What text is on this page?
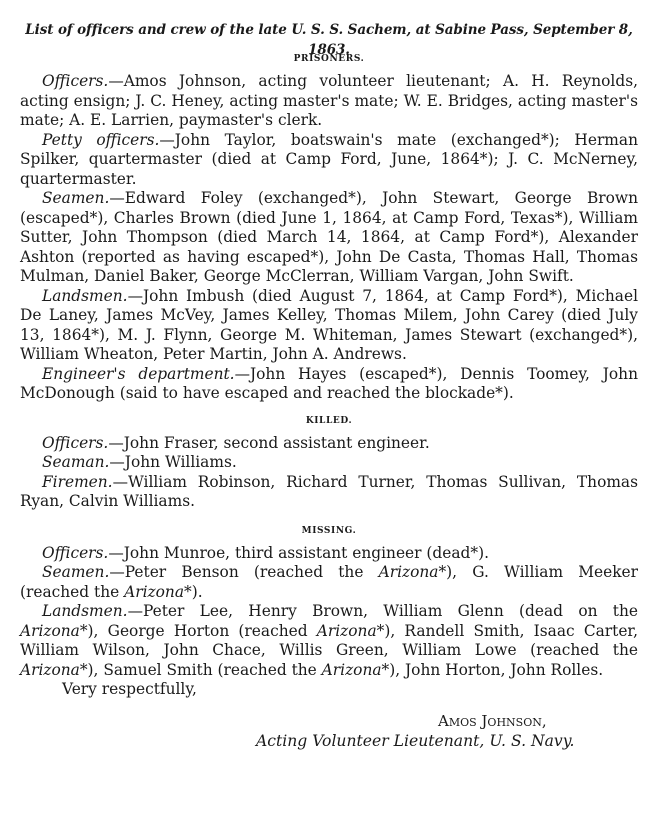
List of officers and crew of the late U. S. S. Sachem, at Sabine Pass, September 8, 1863.
PRISONERS.

Officers.—Amos Johnson, acting volunteer lieutenant; A. H. Reynolds, acting ensign; J. C. Heney, acting master's mate; W. E. Bridges, acting master's mate; A. E. Larrien, paymaster's clerk.

Petty officers.—John Taylor, boatswain's mate (exchanged*); Herman Spilker, quartermaster (died at Camp Ford, June, 1864*); J. C. McNerney, quartermaster.

Seamen.—Edward Foley (exchanged*), John Stewart, George Brown (escaped*), Charles Brown (died June 1, 1864, at Camp Ford, Texas*), William Sutter, John Thompson (died March 14, 1864, at Camp Ford*), Alexander Ashton (reported as having escaped*), John De Casta, Thomas Hall, Thomas Mulman, Daniel Baker, George McClerran, William Vargan, John Swift.

Landsmen.—John Imbush (died August 7, 1864, at Camp Ford*), Michael De Laney, James McVey, James Kelley, Thomas Milem, John Carey (died July 13, 1864*), M. J. Flynn, George M. Whiteman, James Stewart (exchanged*), William Wheaton, Peter Martin, John A. Andrews.

Engineer's department.—John Hayes (escaped*), Dennis Toomey, John McDonough (said to have escaped and reached the blockade*).

KILLED.

Officers.—John Fraser, second assistant engineer.

Seaman.—John Williams.

Firemen.—William Robinson, Richard Turner, Thomas Sullivan, Thomas Ryan, Calvin Williams.

MISSING.

Officers.—John Munroe, third assistant engineer (dead*).

Seamen.—Peter Benson (reached the Arizona*), G. William Meeker (reached the Arizona*).

Landsmen.—Peter Lee, Henry Brown, William Glenn (dead on the Arizona*), George Horton (reached Arizona*), Randell Smith, Isaac Carter, William Wilson, John Chace, Willis Green, William Lowe (reached the Arizona*), Samuel Smith (reached the Arizona*), John Horton, John Rolles.

Very respectfully,

Amos Johnson,

Acting Volunteer Lieutenant, U. S. Navy.
